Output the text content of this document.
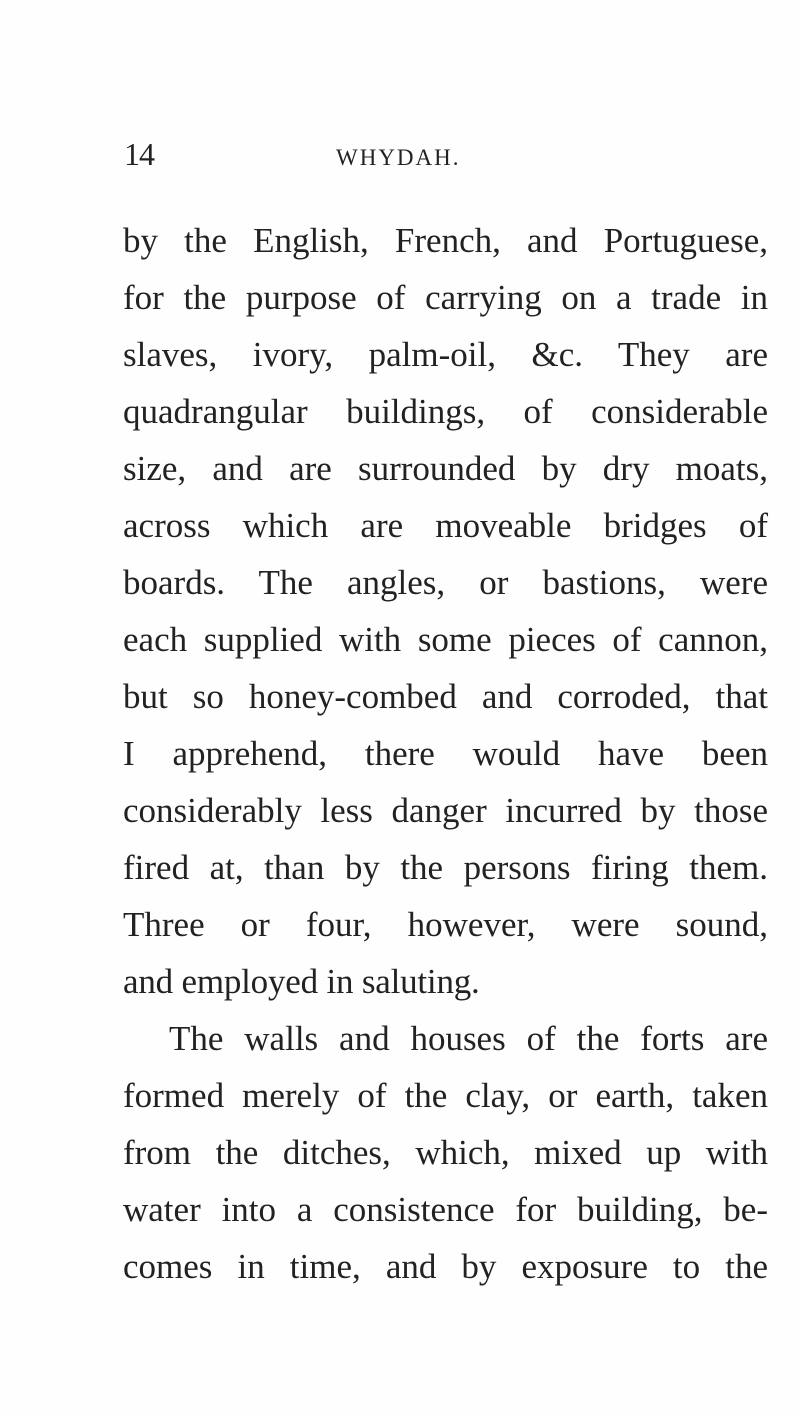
14	WHYDAH.
by the English, French, and Portuguese,
for the purpose of carrying on a trade in
slaves, ivory, palm-oil, &c. They are
quadrangular buildings, of considerable
size, and are surrounded by dry moats,
across which are moveable bridges of
boards. The angles, or bastions, were
each supplied with some pieces of cannon,
but so honey-combed and corroded, that
I apprehend, there would have been
considerably less danger incurred by those
fired at, than by the persons firing them.
Three or four, however, were sound,
and employed in saluting.
The walls and houses of the forts are
formed merely of the clay, or earth, taken
from the ditches, which, mixed up with
water into a consistence for building, be-
comes in time, and by exposure to the
